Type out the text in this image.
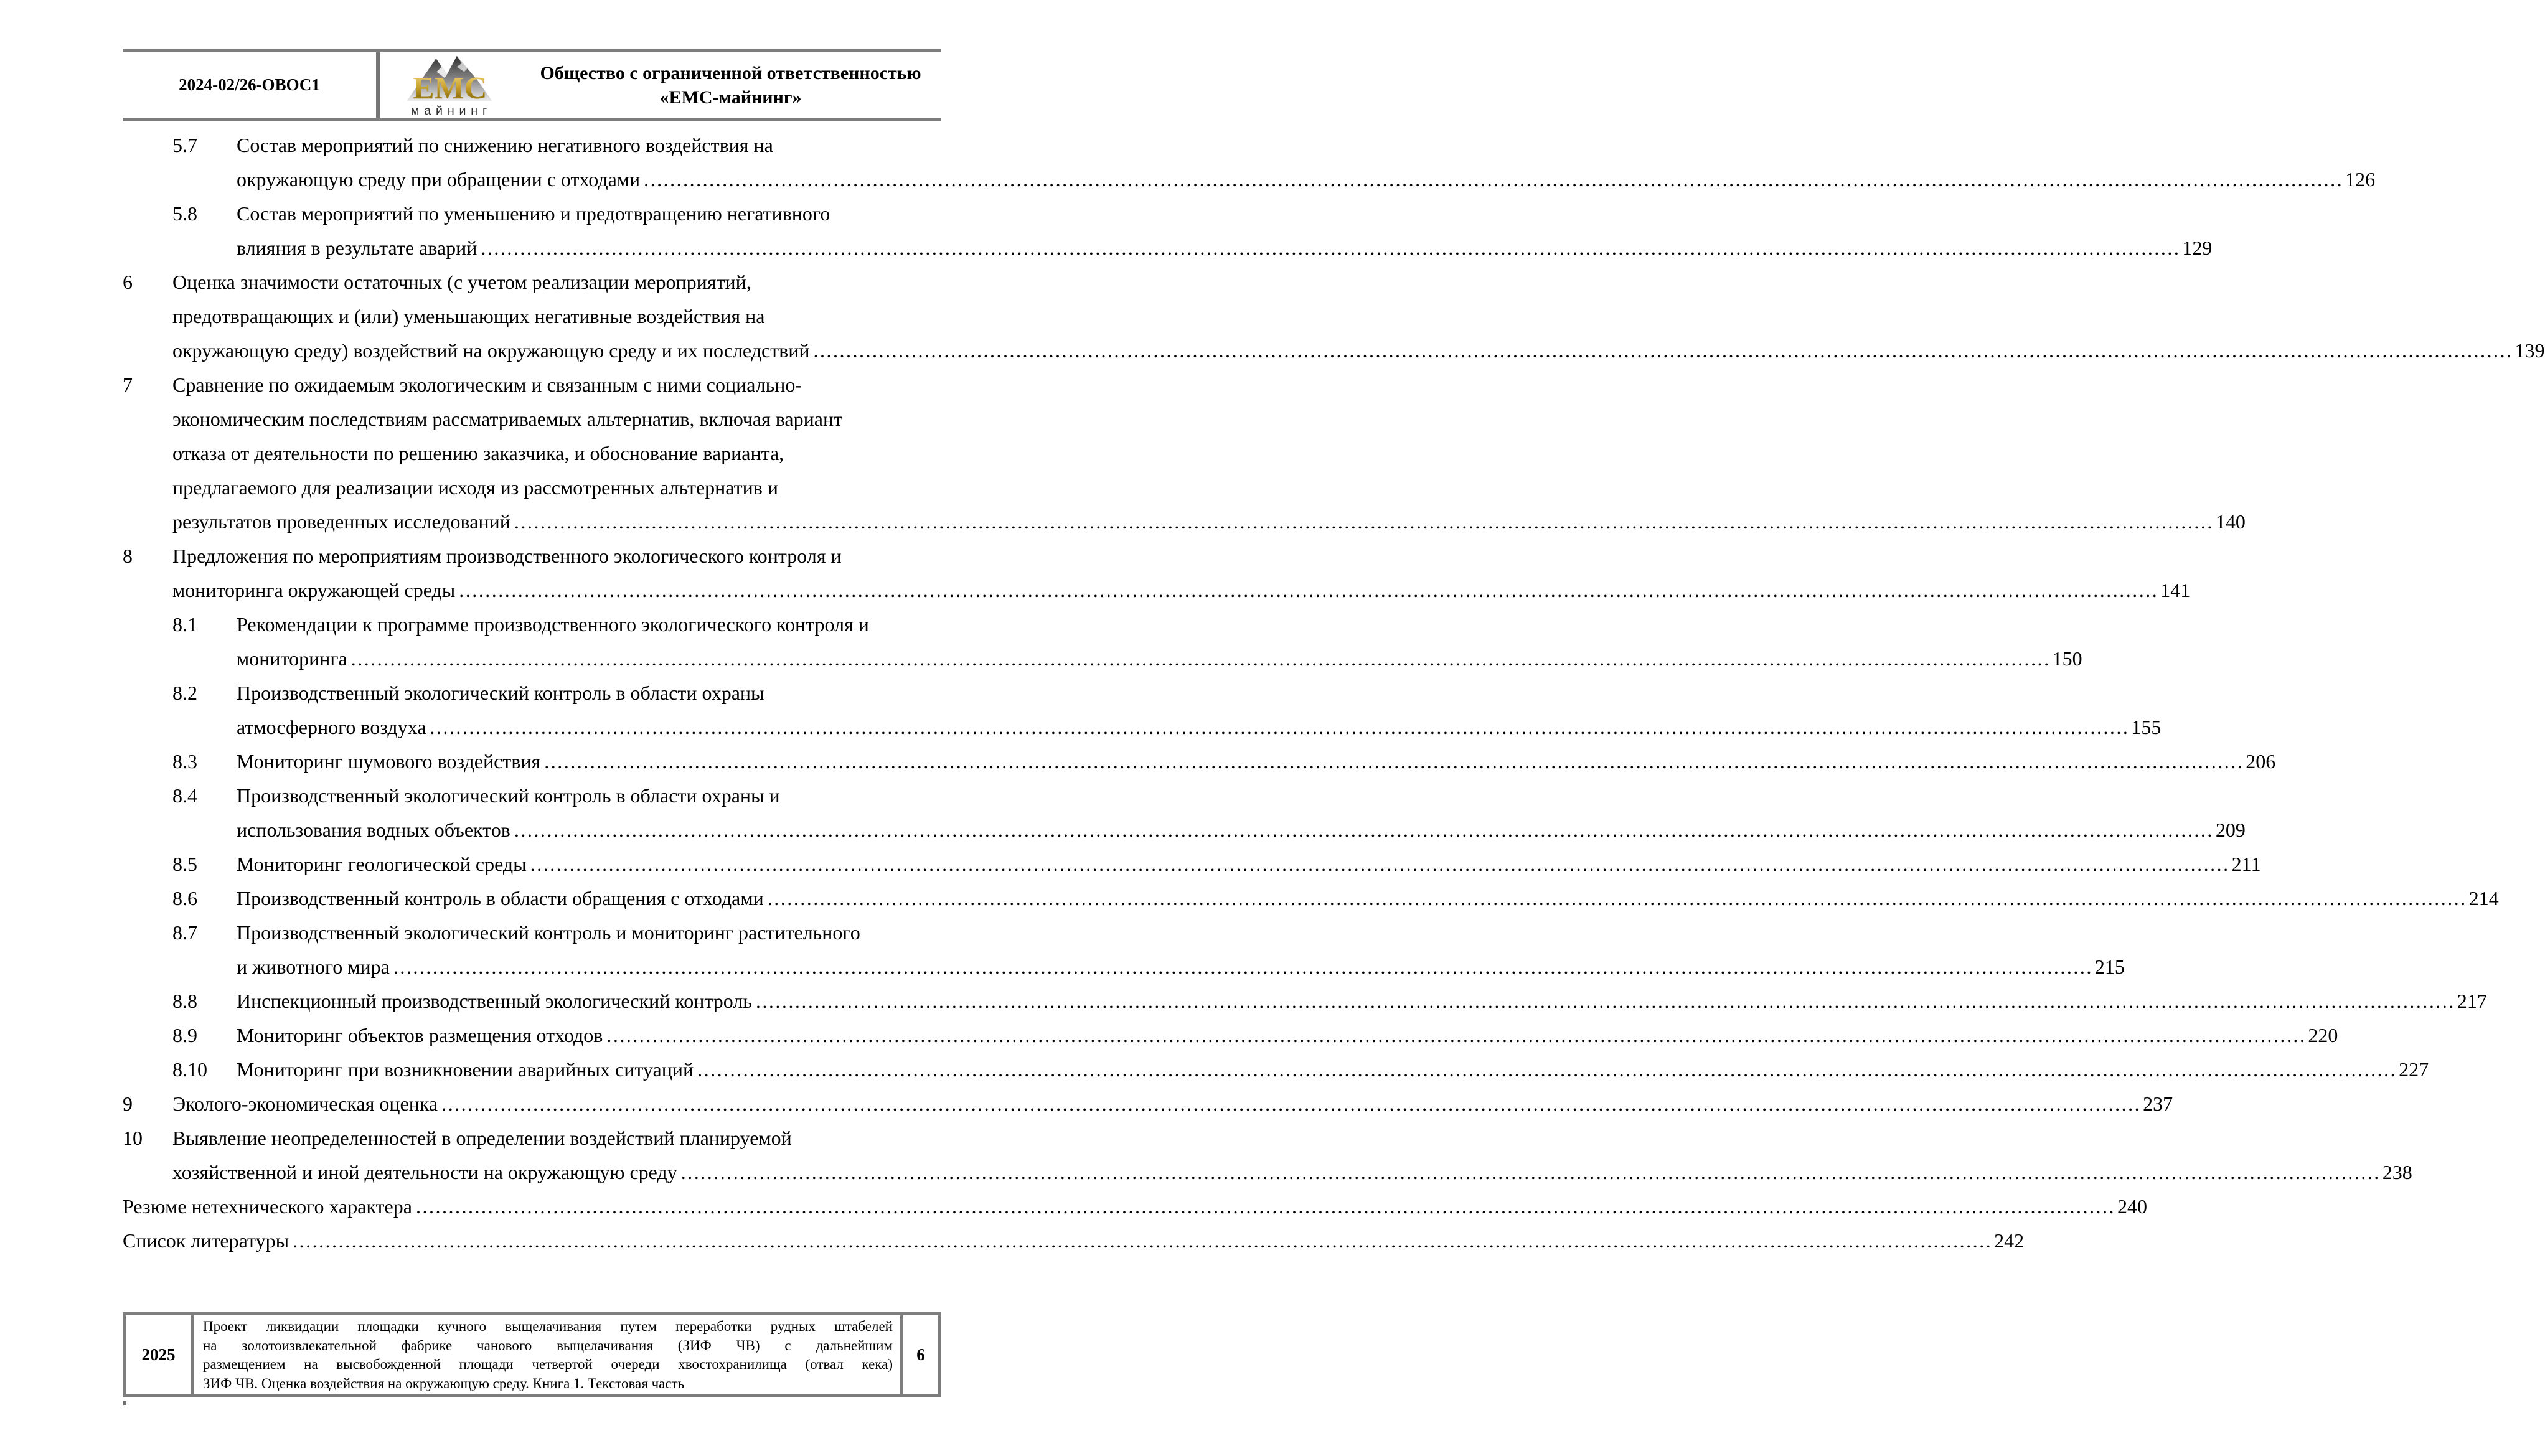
2024-02/26-ОВОС1	ЕМС
майнинг
Общество с ограниченной ответственностью
«ЕМС-майнинг»
5.7 Состав мероприятий по снижению негативного воздействия на
окружающую среду при обращении с отходами .................................................................................................................................................................................................................................................................... 126
5.8 Состав мероприятий по уменьшению и предотвращению негативного
влияния в результате аварий .................................................................................................................................................................................................................................................................... 129
6 Оценка значимости остаточных (с учетом реализации мероприятий,
предотвращающих и (или) уменьшающих негативные воздействия на
окружающую среду) воздействий на окружающую среду и их последствий .................................................................................................................................................................................................................................................................... 139
7 Сравнение по ожидаемым экологическим и связанным с ними социально-
экономическим последствиям рассматриваемых альтернатив, включая вариант
отказа от деятельности по решению заказчика, и обоснование варианта,
предлагаемого для реализации исходя из рассмотренных альтернатив и
результатов проведенных исследований .................................................................................................................................................................................................................................................................... 140
8 Предложения по мероприятиям производственного экологического контроля и
мониторинга окружающей среды .................................................................................................................................................................................................................................................................... 141
8.1 Рекомендации к программе производственного экологического контроля и
мониторинга .................................................................................................................................................................................................................................................................... 150
8.2 Производственный экологический контроль в области охраны
атмосферного воздуха .................................................................................................................................................................................................................................................................... 155
8.3 Мониторинг шумового воздействия .................................................................................................................................................................................................................................................................... 206
8.4 Производственный экологический контроль в области охраны и
использования водных объектов .................................................................................................................................................................................................................................................................... 209
8.5 Мониторинг геологической среды .................................................................................................................................................................................................................................................................... 211
8.6 Производственный контроль в области обращения с отходами .................................................................................................................................................................................................................................................................... 214
8.7 Производственный экологический контроль и мониторинг растительного
и животного мира .................................................................................................................................................................................................................................................................... 215
8.8 Инспекционный производственный экологический контроль .................................................................................................................................................................................................................................................................... 217
8.9 Мониторинг объектов размещения отходов .................................................................................................................................................................................................................................................................... 220
8.10 Мониторинг при возникновении аварийных ситуаций .................................................................................................................................................................................................................................................................... 227
9 Эколого-экономическая оценка .................................................................................................................................................................................................................................................................... 237
10 Выявление неопределенностей в определении воздействий планируемой
хозяйственной и иной деятельности на окружающую среду .................................................................................................................................................................................................................................................................... 238
Резюме нетехнического характера .................................................................................................................................................................................................................................................................... 240
Список литературы .................................................................................................................................................................................................................................................................... 242
2025
Проект ликвидации площадки кучного выщелачивания путем переработки рудных штабелей
на золотоизвлекательной фабрике чанового выщелачивания (ЗИФ ЧВ) с дальнейшим
размещением на высвобожденной площади четвертой очереди хвостохранилища (отвал кека)
ЗИФ ЧВ. Оценка воздействия на окружающую среду. Книга 1. Текстовая часть
6
